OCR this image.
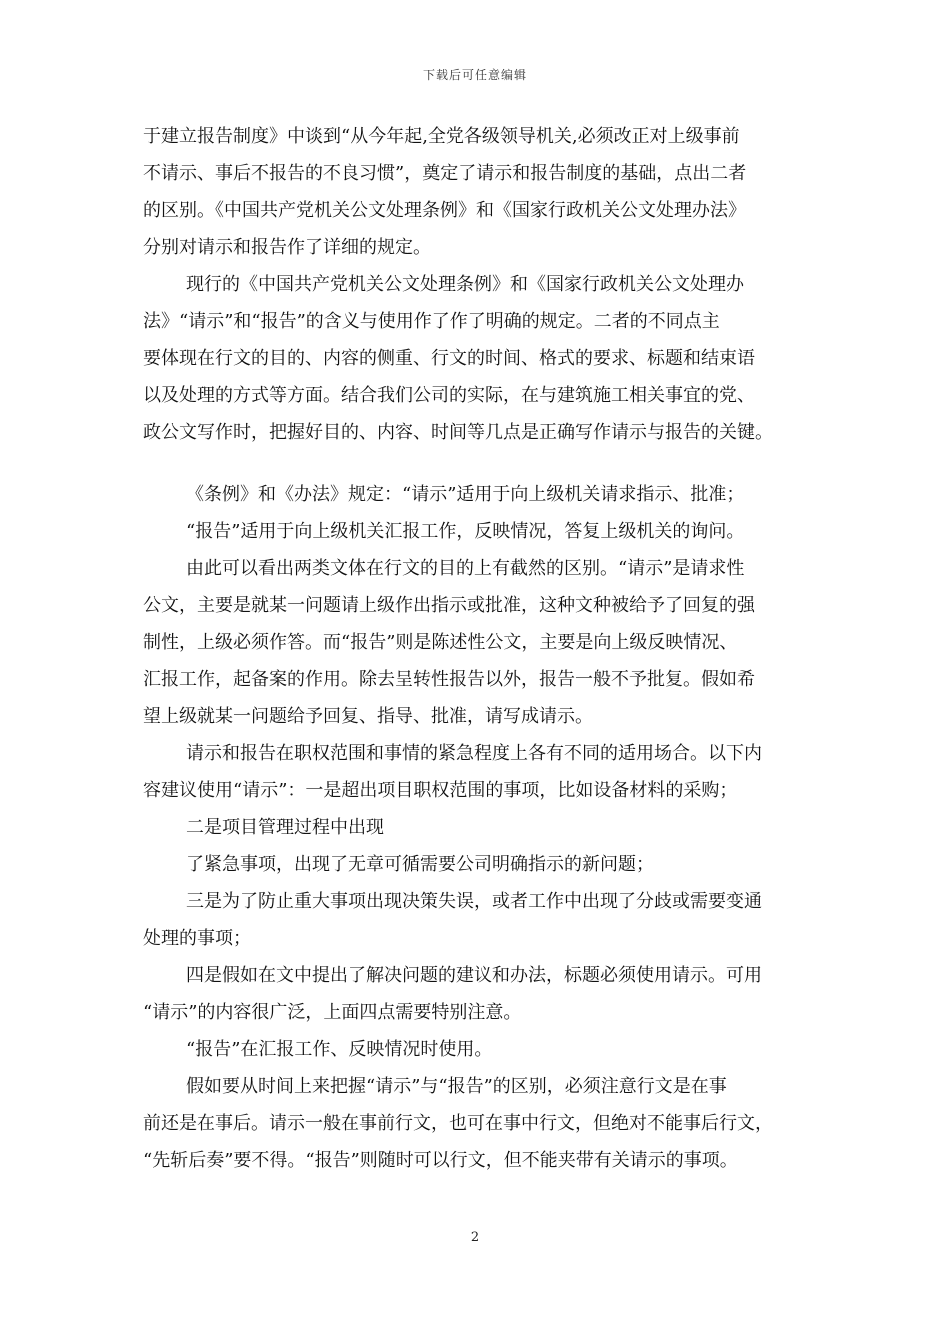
下载后可任意编辑
于建立报告制度》中谈到“从今年起,全党各级领导机关,必须改正对上级事前
不请示、事后不报告的不良习惯”，奠定了请示和报告制度的基础，点出二者
的区别。《中国共产党机关公文处理条例》和《国家行政机关公文处理办法》
分别对请示和报告作了详细的规定。
现行的《中国共产党机关公文处理条例》和《国家行政机关公文处理办
法》“请示”和“报告”的含义与使用作了作了明确的规定。二者的不同点主
要体现在行文的目的、内容的侧重、行文的时间、格式的要求、标题和结束语
以及处理的方式等方面。结合我们公司的实际，在与建筑施工相关事宜的党、
政公文写作时，把握好目的、内容、时间等几点是正确写作请示与报告的关键。
《条例》和《办法》规定：“请示”适用于向上级机关请求指示、批准；
“报告”适用于向上级机关汇报工作，反映情况，答复上级机关的询问。
由此可以看出两类文体在行文的目的上有截然的区别。“请示”是请求性
公文，主要是就某一问题请上级作出指示或批准，这种文种被给予了回复的强
制性，上级必须作答。而“报告”则是陈述性公文，主要是向上级反映情况、
汇报工作，起备案的作用。除去呈转性报告以外，报告一般不予批复。假如希
望上级就某一问题给予回复、指导、批准，请写成请示。
请示和报告在职权范围和事情的紧急程度上各有不同的适用场合。以下内
容建议使用“请示”：一是超出项目职权范围的事项，比如设备材料的采购；
二是项目管理过程中出现
了紧急事项，出现了无章可循需要公司明确指示的新问题；
三是为了防止重大事项出现决策失误，或者工作中出现了分歧或需要变通
处理的事项；
四是假如在文中提出了解决问题的建议和办法，标题必须使用请示。可用
“请示”的内容很广泛，上面四点需要特别注意。
“报告”在汇报工作、反映情况时使用。
假如要从时间上来把握“请示”与“报告”的区别，必须注意行文是在事
前还是在事后。请示一般在事前行文，也可在事中行文，但绝对不能事后行文，
“先斩后奏”要不得。“报告”则随时可以行文，但不能夹带有关请示的事项。
2
